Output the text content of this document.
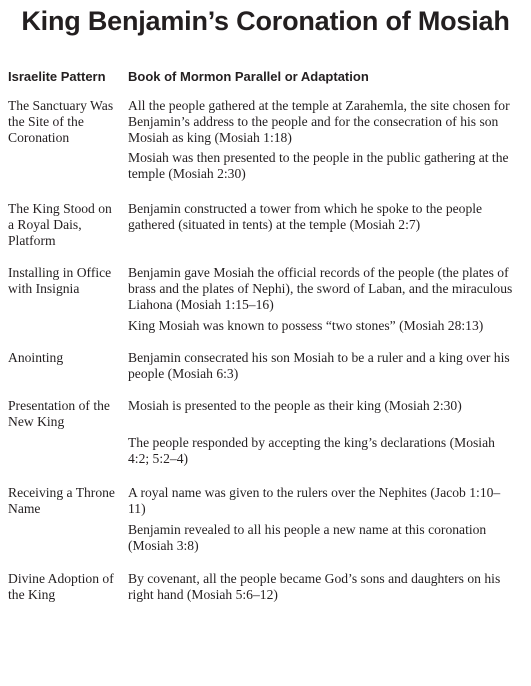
King Benjamin’s Coronation of Mosiah
Israelite Pattern Book of Mormon Parallel or Adaptation
The Sanctuary Was the Site of the Coronation
All the people gathered at the temple at Zarahemla, the site chosen for Benjamin’s address to the people and for the consecration of his son Mosiah as king (Mosiah 1:18)
Mosiah was then presented to the people in the public gathering at the temple (Mosiah 2:30)
The King Stood on a Royal Dais, Platform
Benjamin constructed a tower from which he spoke to the people gathered (situated in tents) at the temple (Mosiah 2:7)
Installing in Office with Insignia
Benjamin gave Mosiah the official records of the people (the plates of brass and the plates of Nephi), the sword of Laban, and the miraculous Liahona (Mosiah 1:15–16)
King Mosiah was known to possess “two stones” (Mosiah 28:13)
Anointing	Benjamin consecrated his son Mosiah to be a ruler and a king over his people (Mosiah 6:3)
Presentation of the New King
Mosiah is presented to the people as their king (Mosiah 2:30)
The people responded by accepting the king’s declarations (Mosiah 4:2; 5:2–4)
Receiving a Throne Name
A royal name was given to the rulers over the Nephites (Jacob 1:10–11)
Benjamin revealed to all his people a new name at this coronation (Mosiah 3:8)
Divine Adoption of the King
By covenant, all the people became God’s sons and daughters on his right hand (Mosiah 5:6–12)
